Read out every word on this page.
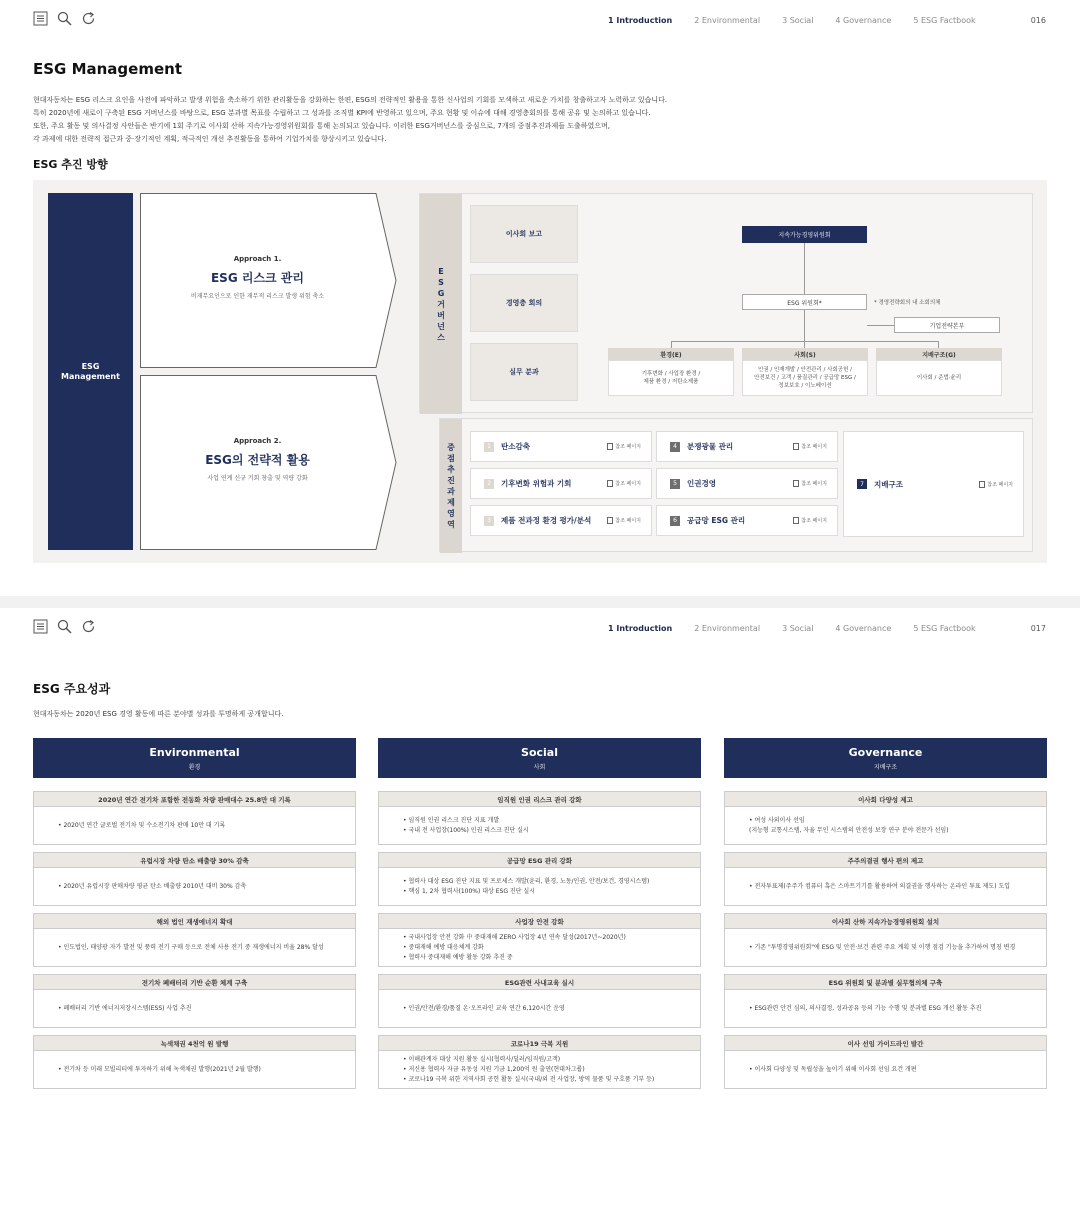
1 Introduction	2 Environmental	3 Social	4 Governance	5 ESG Factbook	016
ESG Management
현대자동차는 ESG 리스크 요인을 사전에 파악하고 발생 위험을 축소하기 위한 관리활동을 강화하는 한편, ESG의 전략적인 활용을 통한 신사업의 기회를 모색하고 새로운 가치를 창출하고자 노력하고 있습니다.
특히 2020년에 새로이 구축된 ESG 거버넌스를 바탕으로, ESG 분과별 목표를 수립하고 그 성과를 조직별 KPI에 반영하고 있으며, 주요 현황 및 이슈에 대해 경영층회의를 통해 공유 및 논의하고 있습니다.
또한, 주요 활동 및 의사결정 사안들은 반기에 1회 주기로 이사회 산하 지속가능경영위원회를 통해 논의되고 있습니다. 이러한 ESG거버넌스를 중심으로, 7개의 중점추진과제들 도출하였으며,
각 과제에 대한 전략적 접근과 중·장기적인 계획, 적극적인 개선 추진활동을 통하여 기업가치를 향상시키고 있습니다.
ESG 추진 방향
ESG
Management
Approach 1.
ESG 리스크 관리
비재무요인으로 인한 재무적 리스크 발생 위험 축소
Approach 2.
ESG의 전략적 활용
사업 연계 신규 기회 창출 및 역량 강화
ESG거버넌스
이사회 보고
경영층 회의
실무 분과
지속가능경영위원회
ESG 위원회*	* 경영전략회의 내 소회의체
기업전략본부
환경(E)
기후변화 / 사업장 환경 /
제품 환경 / 저탄소제품
사회(S)
인권 / 인재개발 / 안전관리 / 사회공헌 /
안전보건 / 고객 / 품질관리 / 공급망 ESG /
정보보호 / 이노베이션
지배구조(G)
이사회 / 준법·윤리
중점추진과제영역
1	탄소감축	참조 페이지
2	기후변화 위험과 기회	참조 페이지
3	제품 전과정 환경 평가/분석	참조 페이지
4	분쟁광물 관리	참조 페이지
5	인권경영	참조 페이지
6	공급망 ESG 관리	참조 페이지
7	지배구조	참조 페이지
1 Introduction	2 Environmental	3 Social	4 Governance	5 ESG Factbook	017
ESG 주요성과
현대자동차는 2020년 ESG 경영 활동에 따른 분야별 성과를 투명하게 공개합니다.
Environmental
환경
2020년 연간 전기차 포함한 전동화 차량 판매대수 25.8만 대 기록
• 2020년 연간 글로벌 전기차 및 수소전기차 판매 10만 대 기록
유럽시장 차량 탄소 배출량 30% 감축
• 2020년 유럽시장 판매차량 평균 탄소 배출량 2010년 대비 30% 감축
해외 법인 재생에너지 확대
• 인도법인, 태양광 자가 발전 및 풍력 전기 구매 등으로 전체 사용 전기 중 재생에너지 비율 28% 달성
전기차 폐배터리 기반 순환 체계 구축
• 폐배터리 기반 에너지저장시스템(ESS) 사업 추진
녹색채권 4천억 원 발행
• 전기차 등 미래 모빌리티에 투자하기 위해 녹색채권 발행(2021년 2월 발행)
Social
사회
임직원 인권 리스크 관리 강화
• 임직원 인권 리스크 진단 지표 개발
• 국내 전 사업장(100%) 인권 리스크 진단 실시
공급망 ESG 관리 강화
• 협력사 대상 ESG 진단 지표 및 프로세스 개발(윤리, 환경, 노동/인권, 안전/보건, 경영시스템)
• 핵심 1, 2차 협력사(100%) 대상 ESG 진단 실시
사업장 안전 강화
• 국내사업장 안전 강화 中 중대재해 ZERO 사업장 4년 연속 달성(2017년~2020년)
• 중대재해 예방 대응체계 강화
• 협력사 중대재해 예방 활동 강화 추진 중
ESG관련 사내교육 실시
• 인권/안전/환경/품질 온·오프라인 교육 연간 6,120시간 운영
코로나19 극복 지원
• 이해관계자 대상 지원 활동 실시(협력사/딜러/임직원/고객)
• 저신용 협력사 자금 유동성 지원 기금 1,200억 원 출연(현대차그룹)
• 코로나19 극복 위한 지역사회 공헌 활동 실시(국내/외 전 사업장, 방역 물품 및 구호품 기부 등)
Governance
지배구조
이사회 다양성 제고
• 여성 사외이사 선임
(지능형 교통시스템, 자율 무인 시스템의 안전성 보장 연구 분야 전문가 선임)
주주의결권 행사 편의 제고
• 전자투표제(주주가 컴퓨터 혹은 스마트기기를 활용하여 의결권을 행사하는 온라인 투표 제도) 도입
이사회 산하 지속가능경영위원회 설치
• 기존 "투명경영위원회"에 ESG 및 안전·보건 관련 주요 계획 및 이행 점검 기능을 추가하여 명칭 변경
ESG 위원회 및 분과별 실무협의체 구축
• ESG관련 안건 심의, 의사결정, 성과공유 등의 기능 수행 및 분과별 ESG 개선 활동 추진
이사 선임 가이드라인 발간
• 이사회 다양성 및 독립성을 높이기 위해 이사회 선임 요건 개편
